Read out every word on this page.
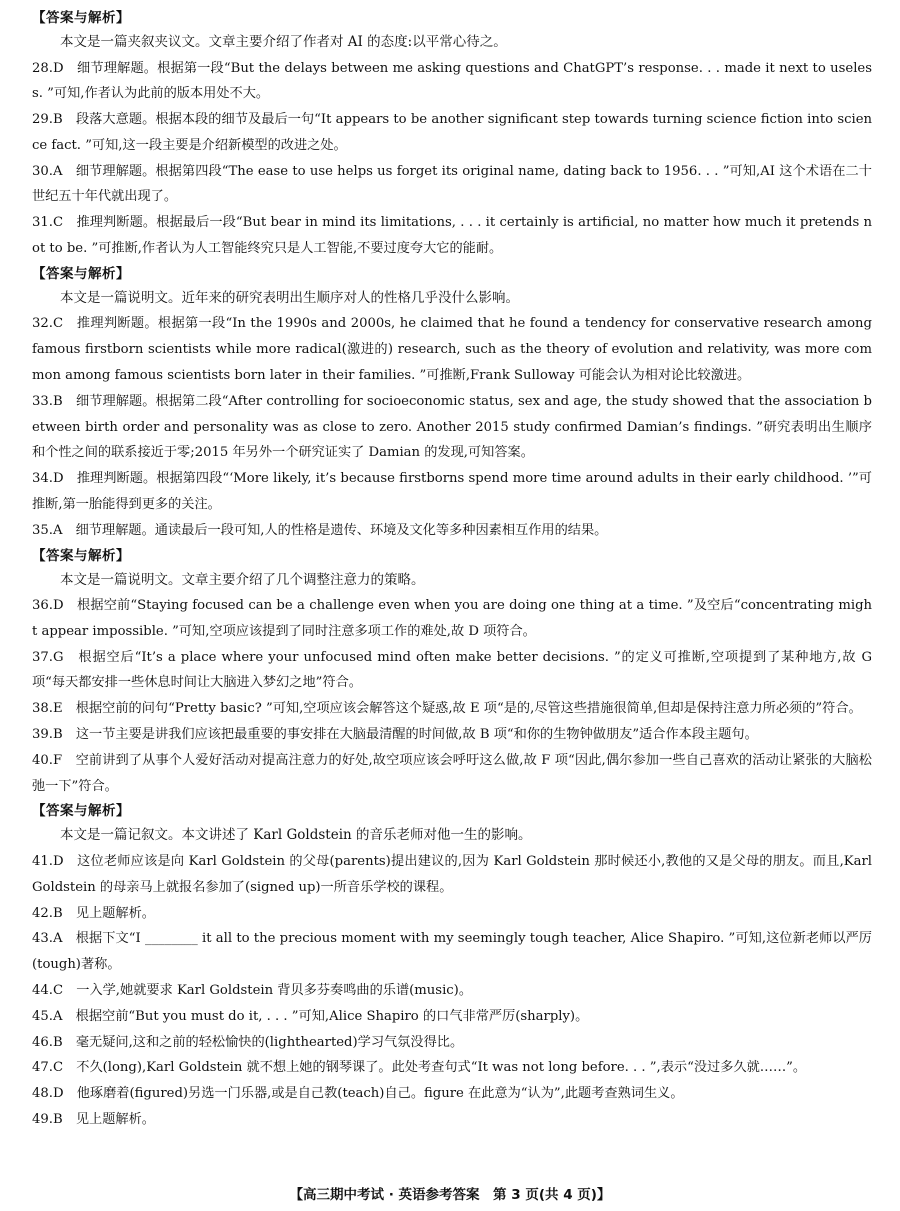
【答案与解析】
本文是一篇夹叙夹议文。文章主要介绍了作者对 AI 的态度:以平常心待之。
28.D　细节理解题。根据第一段“But the delays between me asking questions and ChatGPT’s response. . . made it next to useless. ”可知,作者认为此前的版本用处不大。
29.B　段落大意题。根据本段的细节及最后一句“It appears to be another significant step towards turning science fiction into science fact. ”可知,这一段主要是介绍新模型的改进之处。
30.A　细节理解题。根据第四段“The ease to use helps us forget its original name, dating back to 1956. . . ”可知,AI 这个术语在二十世纪五十年代就出现了。
31.C　推理判断题。根据最后一段“But bear in mind its limitations, . . . it certainly is artificial, no matter how much it pretends not to be. ”可推断,作者认为人工智能终究只是人工智能,不要过度夸大它的能耐。
【答案与解析】
本文是一篇说明文。近年来的研究表明出生顺序对人的性格几乎没什么影响。
32.C　推理判断题。根据第一段“In the 1990s and 2000s, he claimed that he found a tendency for conservative research among famous firstborn scientists while more radical(激进的) research, such as the theory of evolution and relativity, was more common among famous scientists born later in their families. ”可推断,Frank Sulloway 可能会认为相对论比较激进。
33.B　细节理解题。根据第二段“After controlling for socioeconomic status, sex and age, the study showed that the association between birth order and personality was as close to zero. Another 2015 study confirmed Damian’s findings. ”研究表明出生顺序和个性之间的联系接近于零;2015 年另外一个研究证实了 Damian 的发现,可知答案。
34.D　推理判断题。根据第四段“‘More likely, it’s because firstborns spend more time around adults in their early childhood. ’”可推断,第一胎能得到更多的关注。
35.A　细节理解题。通读最后一段可知,人的性格是遗传、环境及文化等多种因素相互作用的结果。
【答案与解析】
本文是一篇说明文。文章主要介绍了几个调整注意力的策略。
36.D　根据空前“Staying focused can be a challenge even when you are doing one thing at a time. ”及空后“concentrating might appear impossible. ”可知,空项应该提到了同时注意多项工作的难处,故 D 项符合。
37.G　根据空后“It’s a place where your unfocused mind often make better decisions. ”的定义可推断,空项提到了某种地方,故 G 项“每天都安排一些休息时间让大脑进入梦幻之地”符合。
38.E　根据空前的问句“Pretty basic? ”可知,空项应该会解答这个疑惑,故 E 项“是的,尽管这些措施很简单,但却是保持注意力所必须的”符合。
39.B　这一节主要是讲我们应该把最重要的事安排在大脑最清醒的时间做,故 B 项“和你的生物钟做朋友”适合作本段主题句。
40.F　空前讲到了从事个人爱好活动对提高注意力的好处,故空项应该会呼吁这么做,故 F 项“因此,偶尔参加一些自己喜欢的活动让紧张的大脑松弛一下”符合。
【答案与解析】
本文是一篇记叙文。本文讲述了 Karl Goldstein 的音乐老师对他一生的影响。
41.D　这位老师应该是向 Karl Goldstein 的父母(parents)提出建议的,因为 Karl Goldstein 那时候还小,教他的又是父母的朋友。而且,Karl Goldstein 的母亲马上就报名参加了(signed up)一所音乐学校的课程。
42.B　见上题解析。
43.A　根据下文“I ________ it all to the precious moment with my seemingly tough teacher, Alice Shapiro. ”可知,这位新老师以严厉(tough)著称。
44.C　一入学,她就要求 Karl Goldstein 背贝多芬奏鸣曲的乐谱(music)。
45.A　根据空前“But you must do it, . . . ”可知,Alice Shapiro 的口气非常严厉(sharply)。
46.B　毫无疑问,这和之前的轻松愉快的(lighthearted)学习气氛没得比。
47.C　不久(long),Karl Goldstein 就不想上她的钢琴课了。此处考查句式“It was not long before. . . ”,表示“没过多久就……”。
48.D　他琢磨着(figured)另选一门乐器,或是自己教(teach)自己。figure 在此意为“认为”,此题考查熟词生义。
49.B　见上题解析。
【高三期中考试 · 英语参考答案　第 3 页(共 4 页)】
